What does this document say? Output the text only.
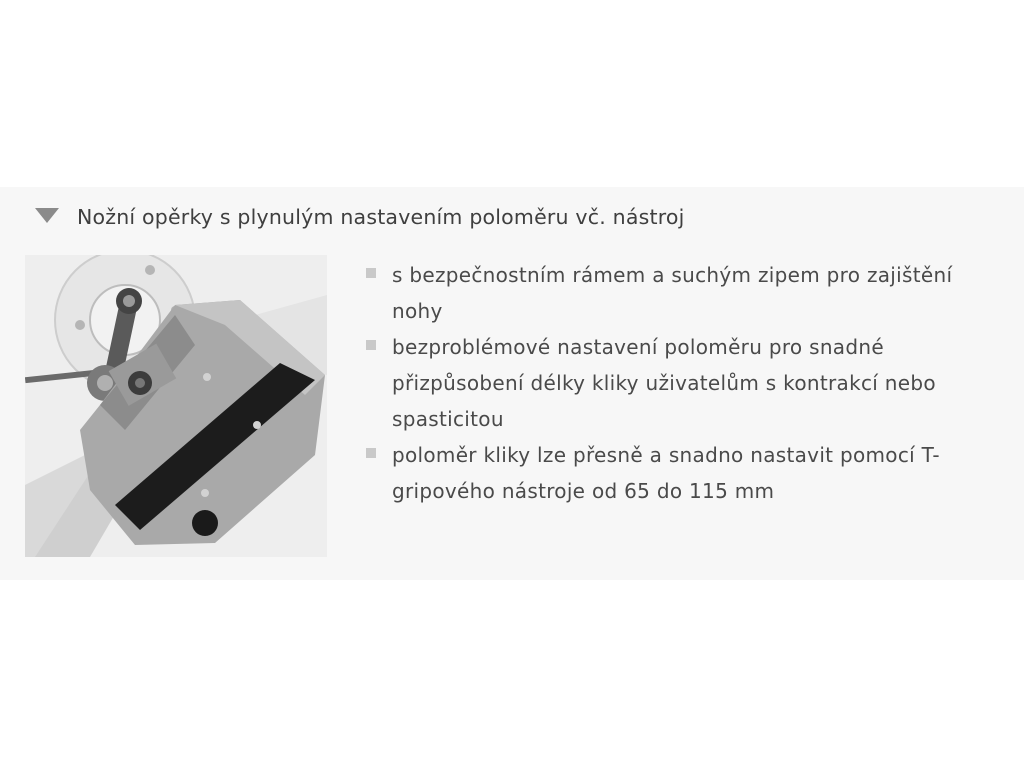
Nožní opěrky s plynulým nastavením poloměru vč. nástroj
s bezpečnostním rámem a suchým zipem pro zajištění nohy
bezproblémové nastavení poloměru pro snadné přizpůsobení délky kliky uživatelům s kontrakcí nebo spasticitou
poloměr kliky lze přesně a snadno nastavit pomocí T-gripového nástroje od 65 do 115 mm
